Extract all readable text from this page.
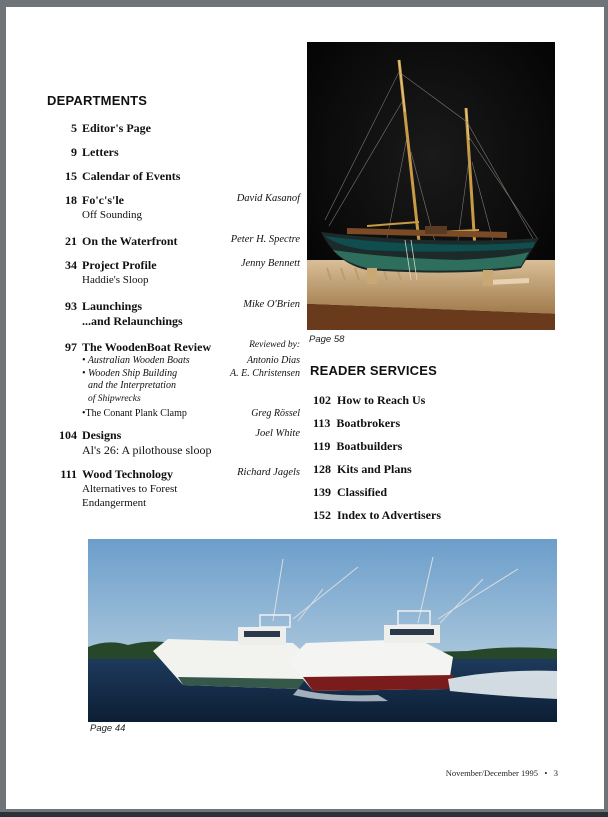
DEPARTMENTS
5 Editor's Page
9 Letters
15 Calendar of Events
18 Fo'c's'le	David Kasanof
Off Sounding
21 On the Waterfront	Peter H. Spectre
34 Project Profile	Jenny Bennett
Haddie's Sloop
93 Launchings	Mike O'Brien
...and Relaunchings
97 The WoodenBoat Review	Reviewed by:
• Australian Wooden Boats	Antonio Dias
• Wooden Ship Building	A. E. Christensen
and the Interpretation
of Shipwrecks
•The Conant Plank Clamp	Greg Rössel
104 Designs	Joel White
Al's 26: A pilothouse sloop
111 Wood Technology	Richard Jagels
Alternatives to Forest
Endangerment
Page 58
READER SERVICES
102 How to Reach Us
113 Boatbrokers
119 Boatbuilders
128 Kits and Plans
139 Classified
152 Index to Advertisers
Page 44
November/December 1995 • 3
